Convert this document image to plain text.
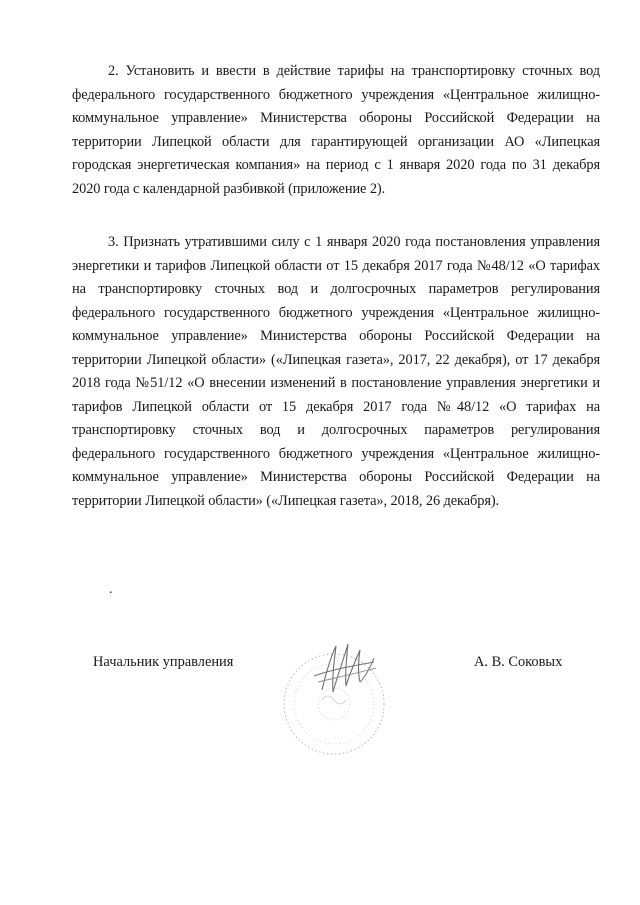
2. Установить и ввести в действие тарифы на транспортировку сточных вод федерального государственного бюджетного учреждения «Центральное жилищно-коммунальное управление» Министерства обороны Российской Федерации на территории Липецкой области для гарантирующей организации АО «Липецкая городская энергетическая компания» на период с 1 января 2020 года по 31 декабря 2020 года с календарной разбивкой (приложение 2).

3. Признать утратившими силу с 1 января 2020 года постановления управления энергетики и тарифов Липецкой области от 15 декабря 2017 года №48/12 «О тарифах на транспортировку сточных вод и долгосрочных параметров регулирования федерального государственного бюджетного учреждения «Центральное жилищно-коммунальное управление» Министерства обороны Российской Федерации на территории Липецкой области» («Липецкая газета», 2017, 22 декабря), от 17 декабря 2018 года №51/12 «О внесении изменений в постановление управления энергетики и тарифов Липецкой области от 15 декабря 2017 года №48/12 «О тарифах на транспортировку сточных вод и долгосрочных параметров регулирования федерального государственного бюджетного учреждения «Центральное жилищно-коммунальное управление» Министерства обороны Российской Федерации на территории Липецкой области» («Липецкая газета», 2018, 26 декабря).

.
Начальник управления	А. В. Соковых
